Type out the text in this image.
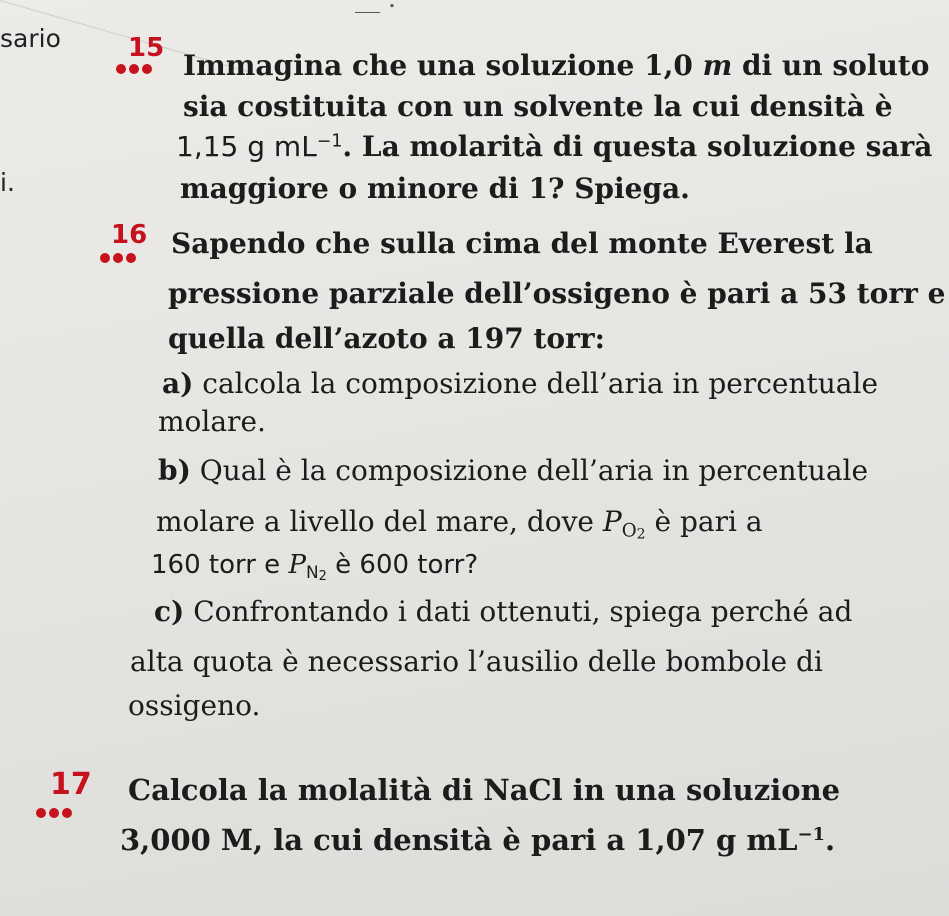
sario
i.
15
Immagina che una soluzione 1,0 m di un soluto
sia costituita con un solvente la cui densità è
1,15 g $mL^{-1}$. La molarità di questa soluzione sarà
maggiore o minore di 1? Spiega.
16 Sapendo che sulla cima del monte Everest la
pressione parziale dell’ossigeno è pari a 53 torr e
quella dell’azoto a 197 torr:
a) calcola la composizione dell’aria in percentuale
molare.
b) Qual è la composizione dell’aria in percentuale
molare a livello del mare, dove $P_{O2}$ è pari a
160 torr e $P_{N2}$ è 600 torr?
c) Confrontando i dati ottenuti, spiega perché ad
alta quota è necessario l’ausilio delle bombole di
ossigeno.
17 Calcola la molalità di NaCl in una soluzione
3,000 M, la cui densità è pari a 1,07 g $mL^{-1}$.
